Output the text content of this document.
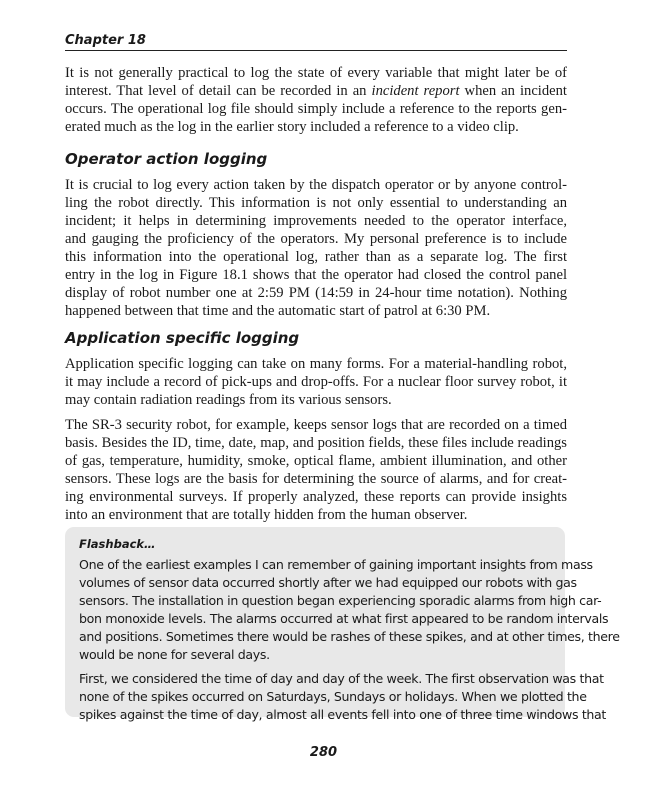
Chapter 18
It is not generally practical to log the state of every variable that might later be of
interest. That level of detail can be recorded in an incident report when an incident
occurs. The operational log file should simply include a reference to the reports gen-
erated much as the log in the earlier story included a reference to a video clip.
Operator action logging
It is crucial to log every action taken by the dispatch operator or by anyone control-
ling the robot directly. This information is not only essential to understanding an
incident; it helps in determining improvements needed to the operator interface,
and gauging the proficiency of the operators. My personal preference is to include
this information into the operational log, rather than as a separate log. The first
entry in the log in Figure 18.1 shows that the operator had closed the control panel
display of robot number one at 2:59 PM (14:59 in 24-hour time notation). Nothing
happened between that time and the automatic start of patrol at 6:30 PM.
Application specific logging
Application specific logging can take on many forms. For a material-handling robot,
it may include a record of pick-ups and drop-offs. For a nuclear floor survey robot, it
may contain radiation readings from its various sensors.
The SR-3 security robot, for example, keeps sensor logs that are recorded on a timed
basis. Besides the ID, time, date, map, and position fields, these files include readings
of gas, temperature, humidity, smoke, optical flame, ambient illumination, and other
sensors. These logs are the basis for determining the source of alarms, and for creat-
ing environmental surveys. If properly analyzed, these reports can provide insights
into an environment that are totally hidden from the human observer.
Flashback…
One of the earliest examples I can remember of gaining important insights from mass
volumes of sensor data occurred shortly after we had equipped our robots with gas
sensors. The installation in question began experiencing sporadic alarms from high car-
bon monoxide levels. The alarms occurred at what first appeared to be random intervals
and positions. Sometimes there would be rashes of these spikes, and at other times, there
would be none for several days.
First, we considered the time of day and day of the week. The first observation was that
none of the spikes occurred on Saturdays, Sundays or holidays. When we plotted the
spikes against the time of day, almost all events fell into one of three time windows that
280
